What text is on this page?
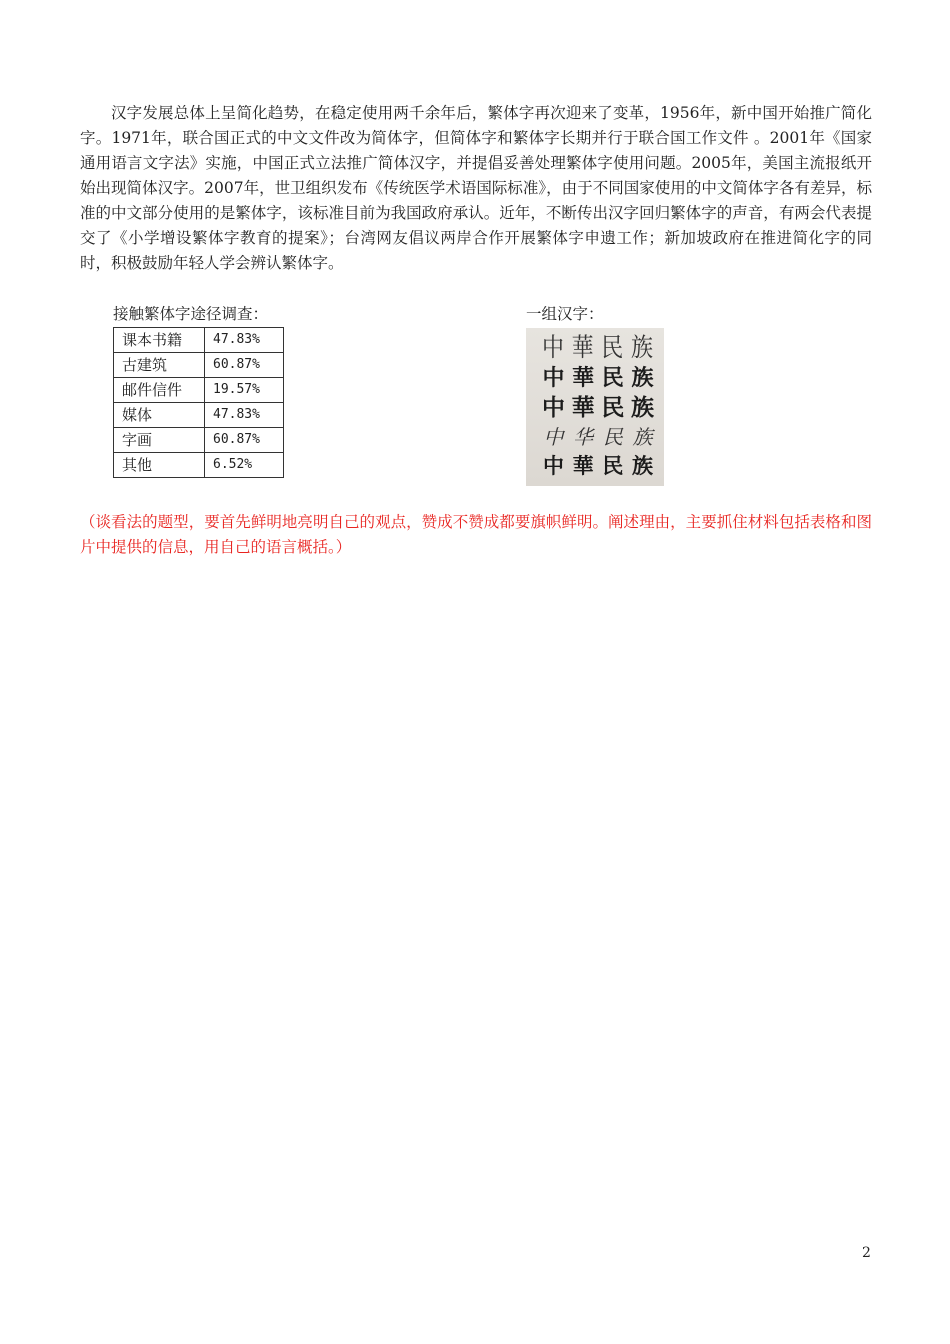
汉字发展总体上呈简化趋势，在稳定使用两千余年后，繁体字再次迎来了变革，1956年，新中国开始推广简化字。1971年，联合国正式的中文文件改为简体字，但简体字和繁体字长期并行于联合国工作文件 。2001年《国家通用语言文字法》实施，中国正式立法推广简体汉字，并提倡妥善处理繁体字使用问题。2005年，美国主流报纸开始出现简体汉字。2007年，世卫组织发布《传统医学术语国际标准》，由于不同国家使用的中文简体字各有差异，标准的中文部分使用的是繁体字，该标准目前为我国政府承认。近年，不断传出汉字回归繁体字的声音，有两会代表提交了《小学增设繁体字教育的提案》；台湾网友倡议两岸合作开展繁体字申遗工作；新加坡政府在推进简化字的同时，积极鼓励年轻人学会辨认繁体字。

接触繁体字途径调查：

课本书籍	47.83%
古建筑	60.87%
邮件信件	19.57%
媒体	47.83%
字画	60.87%
其他	6.52%

一组汉字：

中 華 民 族
中 華 民 族
中 華 民 族
中 华 民 族
中 華 民 族

（谈看法的题型，要首先鲜明地亮明自己的观点，赞成不赞成都要旗帜鲜明。阐述理由，主要抓住材料包括表格和图片中提供的信息，用自己的语言概括。）

2
